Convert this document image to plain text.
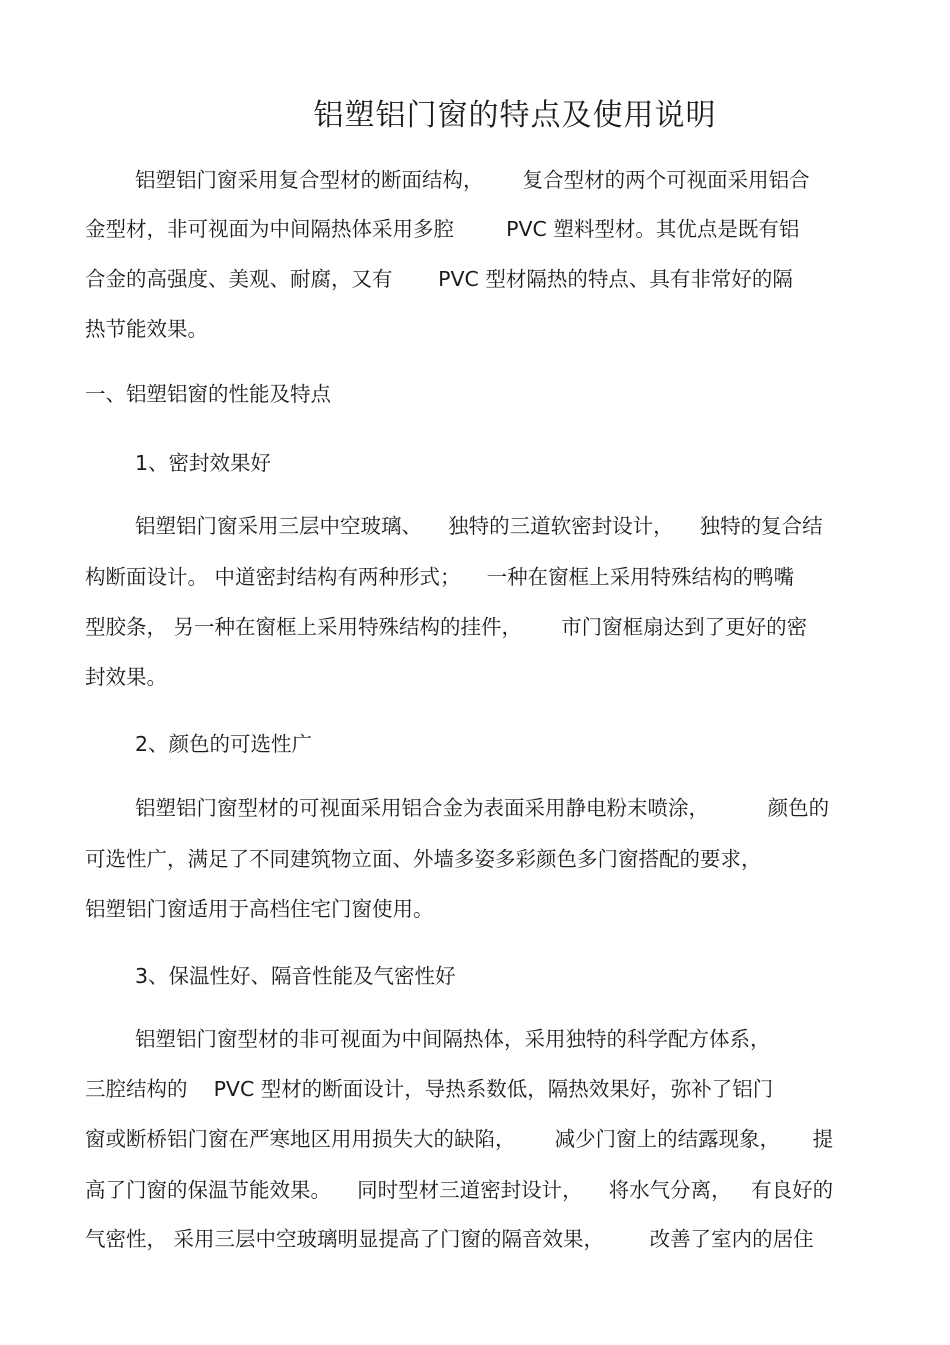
铝塑铝门窗的特点及使用说明
铝塑铝门窗采用复合型材的断面结构，      复合型材的两个可视面采用铝合
金型材，非可视面为中间隔热体采用多腔        PVC 塑料型材。其优点是既有铝
合金的高强度、美观、耐腐，又有       PVC 型材隔热的特点、具有非常好的隔
热节能效果。
一、铝塑铝窗的性能及特点
1、密封效果好
铝塑铝门窗采用三层中空玻璃、    独特的三道软密封设计，    独特的复合结
构断面设计。 中道密封结构有两种形式；    一种在窗框上采用特殊结构的鸭嘴
型胶条， 另一种在窗框上采用特殊结构的挂件，      市门窗框扇达到了更好的密
封效果。
2、颜色的可选性广
铝塑铝门窗型材的可视面采用铝合金为表面采用静电粉末喷涂，         颜色的
可选性广，满足了不同建筑物立面、外墙多姿多彩颜色多门窗搭配的要求，
铝塑铝门窗适用于高档住宅门窗使用。
3、保温性好、隔音性能及气密性好
铝塑铝门窗型材的非可视面为中间隔热体，采用独特的科学配方体系，
三腔结构的    PVC 型材的断面设计，导热系数低，隔热效果好，弥补了铝门
窗或断桥铝门窗在严寒地区用用损失大的缺陷，      减少门窗上的结露现象，     提
高了门窗的保温节能效果。    同时型材三道密封设计，    将水气分离，   有良好的
气密性， 采用三层中空玻璃明显提高了门窗的隔音效果，       改善了室内的居住
